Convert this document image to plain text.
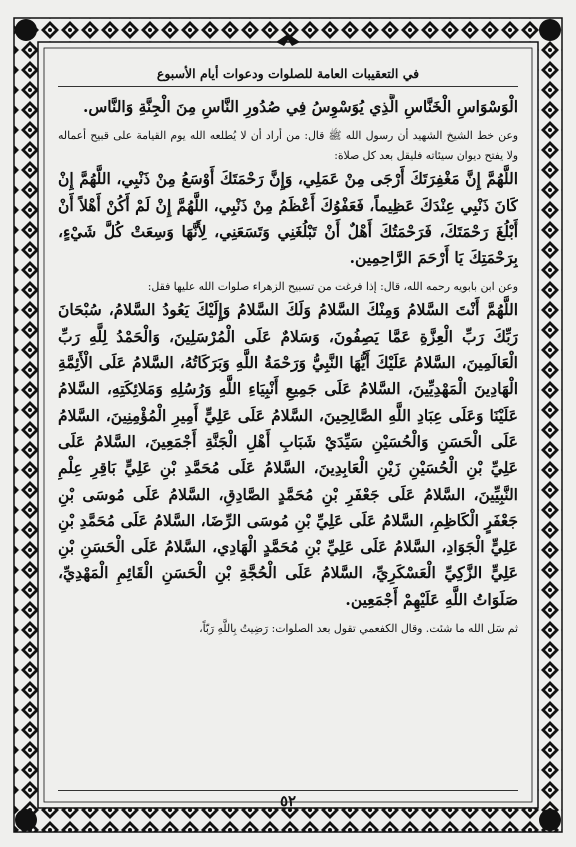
في التعقيبات العامة للصلوات ودعوات أيام الأسبوع

الْوَسْوَاسِ الْخَنَّاسِ الَّذِي يُوَسْوِسُ فِي صُدُورِ النَّاسِ مِنَ الْجِنَّةِ وَالنَّاس.

وعن خط الشيخ الشهيد أن رسول الله ﷺ قال: من أراد أن لا يُطلعه الله يوم القيامة على قبيح أعماله ولا يفتح ديوان سيئاته فليقل بعد كل صلاة:

اللَّهُمَّ إِنَّ مَغْفِرَتَكَ أَرْجَى مِنْ عَمَلِي، وَإِنَّ رَحْمَتَكَ أَوْسَعُ مِنْ ذَنْبِي، اللَّهُمَّ إِنْ كَانَ ذَنْبِي عِنْدَكَ عَظِيماً، فَعَفْوُكَ أَعْظَمُ مِنْ ذَنْبِي، اللَّهُمَّ إِنْ لَمْ أَكُنْ أَهْلاً أَنْ أَبْلُغَ رَحْمَتَكَ، فَرَحْمَتُكَ أَهْلٌ أَنْ تَبْلُغَنِي وَتَسَعَنِي، لِأَنَّهَا وَسِعَتْ كُلَّ شَيْءٍ، بِرَحْمَتِكَ يَا أَرْحَمَ الرَّاحِمِين.

وعن ابن بابويه رحمه الله، قال: إذا فرغت من تسبيح الزهراء صلوات الله عليها فقل:

اللَّهُمَّ أَنْتَ السَّلامُ وَمِنْكَ السَّلامُ وَلَكَ السَّلامُ وَإِلَيْكَ يَعُودُ السَّلامُ، سُبْحَانَ رَبِّكَ رَبِّ الْعِزَّةِ عَمَّا يَصِفُونَ، وَسَلامٌ عَلَى الْمُرْسَلِينَ، وَالْحَمْدُ لِلَّهِ رَبِّ الْعَالَمِينَ، السَّلامُ عَلَيْكَ أَيُّهَا النَّبِيُّ وَرَحْمَةُ اللَّهِ وَبَرَكَاتُهُ، السَّلامُ عَلَى الْأَئِمَّةِ الْهَادِينَ الْمَهْدِيِّينَ، السَّلامُ عَلَى جَمِيعِ أَنْبِيَاءِ اللَّهِ وَرُسُلِهِ وَمَلائِكَتِهِ، السَّلامُ عَلَيْنَا وَعَلَى عِبَادِ اللَّهِ الصَّالِحِينَ، السَّلامُ عَلَى عَلِيٍّ أَمِيرِ الْمُؤْمِنِينَ، السَّلامُ عَلَى الْحَسَنِ وَالْحُسَيْنِ سَيِّدَيْ شَبَابِ أَهْلِ الْجَنَّةِ أَجْمَعِينَ، السَّلامُ عَلَى عَلِيِّ بْنِ الْحُسَيْنِ زَيْنِ الْعَابِدِينَ، السَّلامُ عَلَى مُحَمَّدِ بْنِ عَلِيٍّ بَاقِرِ عِلْمِ النَّبِيِّينَ، السَّلامُ عَلَى جَعْفَرِ بْنِ مُحَمَّدٍ الصَّادِقِ، السَّلامُ عَلَى مُوسَى بْنِ جَعْفَرٍ الْكَاظِمِ، السَّلامُ عَلَى عَلِيِّ بْنِ مُوسَى الرِّضَا، السَّلامُ عَلَى مُحَمَّدِ بْنِ عَلِيٍّ الْجَوَادِ، السَّلامُ عَلَى عَلِيِّ بْنِ مُحَمَّدٍ الْهَادِي، السَّلامُ عَلَى الْحَسَنِ بْنِ عَلِيٍّ الزَّكِيِّ الْعَسْكَرِيِّ، السَّلامُ عَلَى الْحُجَّةِ بْنِ الْحَسَنِ الْقَائِمِ الْمَهْدِيِّ، صَلَوَاتُ اللَّهِ عَلَيْهِمْ أَجْمَعِين.

ثم سَل الله ما شئت. وقال الكفعمي تقول بعد الصلوات: رَضِيتُ بِاللَّهِ رَبّاً،

٥٢
